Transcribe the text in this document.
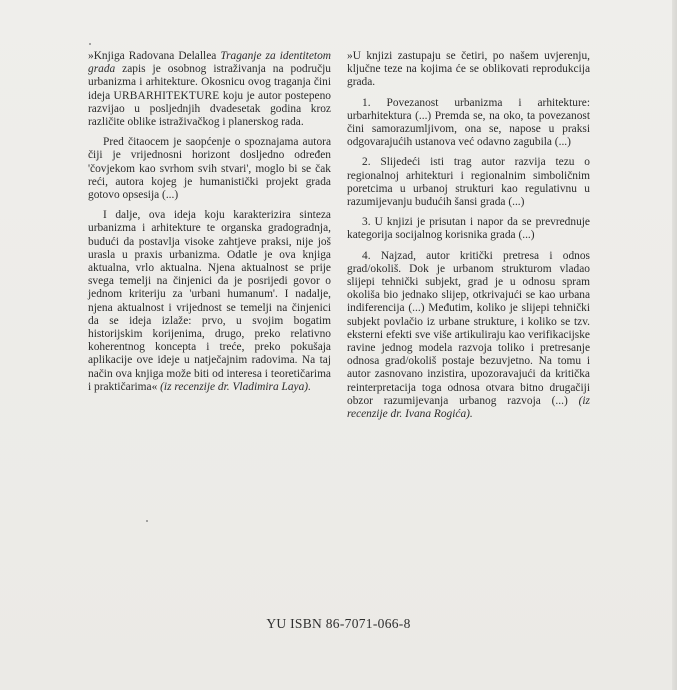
»Knjiga Radovana Delallea Traganje za identitetom grada zapis je osobnog istraživanja na području urbanizma i arhitekture. Okosnicu ovog traganja čini ideja URBARHITEKTURE koju je autor postepeno razvijao u posljednjih dvadesetak godina kroz različite oblike istraživačkog i planerskog rada.

Pred čitaocem je saopćenje o spoznajama autora čiji je vrijednosni horizont dosljedno određen 'čovjekom kao svrhom svih stvari', moglo bi se čak reći, autora kojeg je humanistički projekt grada gotovo opsesija (...)

I dalje, ova ideja koju karakterizira sinteza urbanizma i arhitekture te organska gradogradnja, budući da postavlja visoke zahtjeve praksi, nije još urasla u praxis urbanizma. Odatle je ova knjiga aktualna, vrlo aktualna. Njena aktualnost se prije svega temelji na činjenici da je posrijedi govor o jednom kriteriju za 'urbani humanum'. I nadalje, njena aktualnost i vrijednost se temelji na činjenici da se ideja izlaže: prvo, u svojim bogatim historijskim korijenima, drugo, preko relativno koherentnog koncepta i treće, preko pokušaja aplikacije ove ideje u natječajnim radovima. Na taj način ova knjiga može biti od interesa i teoretičarima i praktičarima« (iz recenzije dr. Vladimira Laya).

»U knjizi zastupaju se četiri, po našem uvjerenju, ključne teze na kojima će se oblikovati reprodukcija grada.

1. Povezanost urbanizma i arhitekture: urbarhitektura (...) Premda se, na oko, ta povezanost čini samorazumljivom, ona se, napose u praksi odgovarajućih ustanova već odavno zagubila (...)

2. Slijedeći isti trag autor razvija tezu o regionalnoj arhitekturi i regionalnim simboličnim poretcima u urbanoj strukturi kao regulativnu u razumijevanju budućih šansi grada (...)

3. U knjizi je prisutan i napor da se prevrednuje kategorija socijalnog korisnika grada (...)

4. Najzad, autor kritički pretresa i odnos grad/okoliš. Dok je urbanom strukturom vladao slijepi tehnički subjekt, grad je u odnosu spram okoliša bio jednako slijep, otkrivajući se kao urbana indiferencija (...) Međutim, koliko je slijepi tehnički subjekt povlačio iz urbane strukture, i koliko se tzv. eksterni efekti sve više artikuliraju kao verifikacijske ravine jednog modela razvoja toliko i pretresanje odnosa grad/okoliš postaje bezuvjetno. Na tomu i autor zasnovano inzistira, upozoravajući da kritička reinterpretacija toga odnosa otvara bitno drugačiji obzor razumijevanja urbanog razvoja (...) (iz recenzije dr. Ivana Rogića).

YU ISBN 86-7071-066-8
